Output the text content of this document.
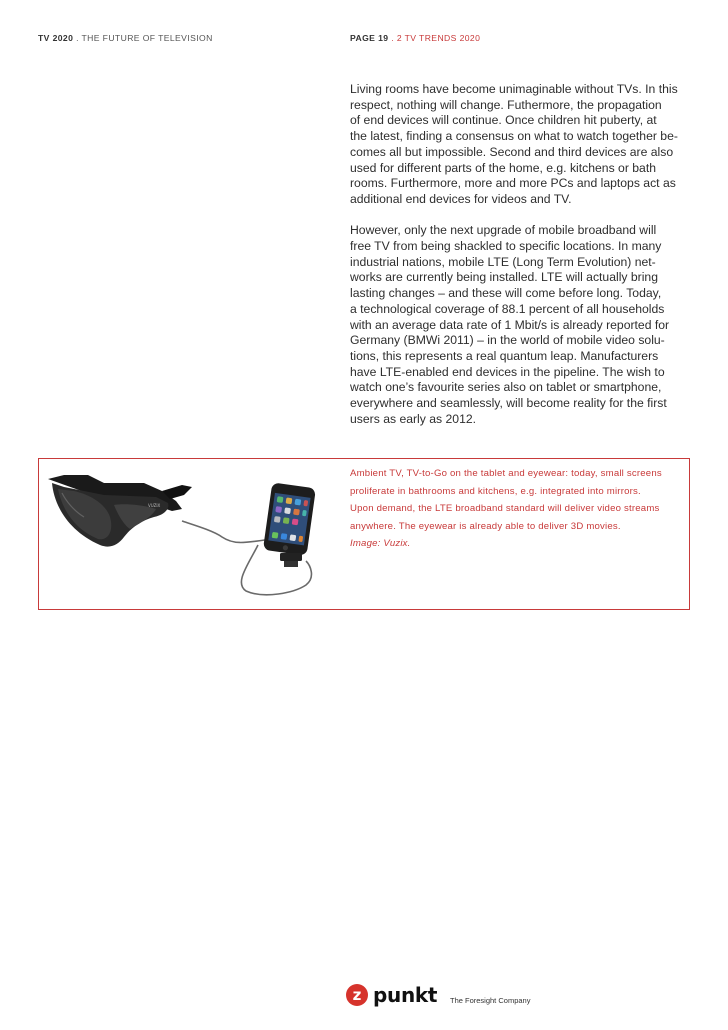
TV 2020 . THE FUTURE OF TELEVISION	PAGE 19 . 2 TV TRENDS 2020

Living rooms have become unimaginable without TVs. In this
respect, nothing will change. Futhermore, the propagation
of end devices will continue. Once children hit puberty, at
the latest, finding a consensus on what to watch together be-
comes all but impossible. Second and third devices are also
used for different parts of the home, e.g. kitchens or bath
rooms. Furthermore, more and more PCs and laptops act as
additional end devices for videos and TV.

However, only the next upgrade of mobile broadband will
free TV from being shackled to specific locations. In many
industrial nations, mobile LTE (Long Term Evolution) net-
works are currently being installed. LTE will actually bring
lasting changes – and these will come before long. Today,
a technological coverage of 88.1 percent of all households
with an average data rate of 1 Mbit/s is already reported for
Germany (BMWi 2011) – in the world of mobile video solu-
tions, this represents a real quantum leap. Manufacturers
have LTE-enabled end devices in the pipeline. The wish to
watch one’s favourite series also on tablet or smartphone,
everywhere and seamlessly, will become reality for the first
users as early as 2012.

VUZIX
Ambient TV, TV-to-Go on the tablet and eyewear: today, small screens
proliferate in bathrooms and kitchens, e.g. integrated into mirrors.
Upon demand, the LTE broadband standard will deliver video streams
anywhere. The eyewear is already able to deliver 3D movies.
Image: Vuzix.
z punkt The Foresight Company
